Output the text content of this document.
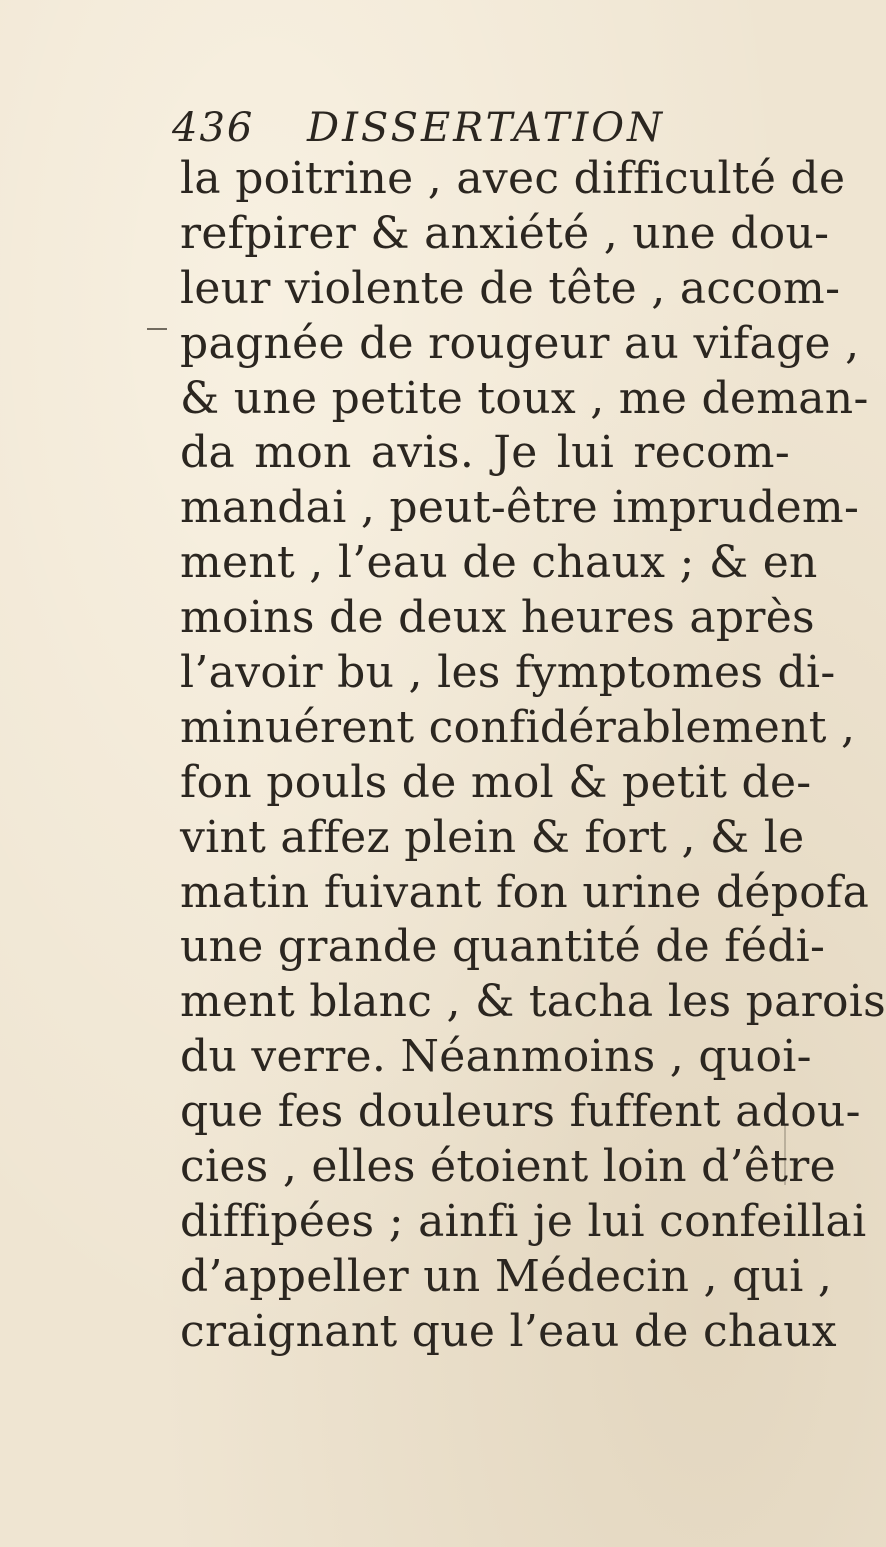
436 DISSERTATION
la poitrine , avec difficulté de
refpirer & anxiété , une dou-
leur violente de tête , accom-
pagnée de rougeur au vifage ,
& une petite toux , me deman-
da mon avis. Je lui recom-
mandai , peut-être imprudem-
ment , l’eau de chaux ; & en
moins de deux heures après
l’avoir bu , les fymptomes di-
minuérent confidérablement ,
fon pouls de mol & petit de-
vint affez plein & fort , & le
matin fuivant fon urine dépofa
une grande quantité de fédi-
ment blanc , & tacha les parois
du verre. Néanmoins , quoi-
que fes douleurs fuffent adou-
cies , elles étoient loin d’être
diffipées ; ainfi je lui confeillai
d’appeller un Médecin , qui ,
craignant que l’eau de chaux
